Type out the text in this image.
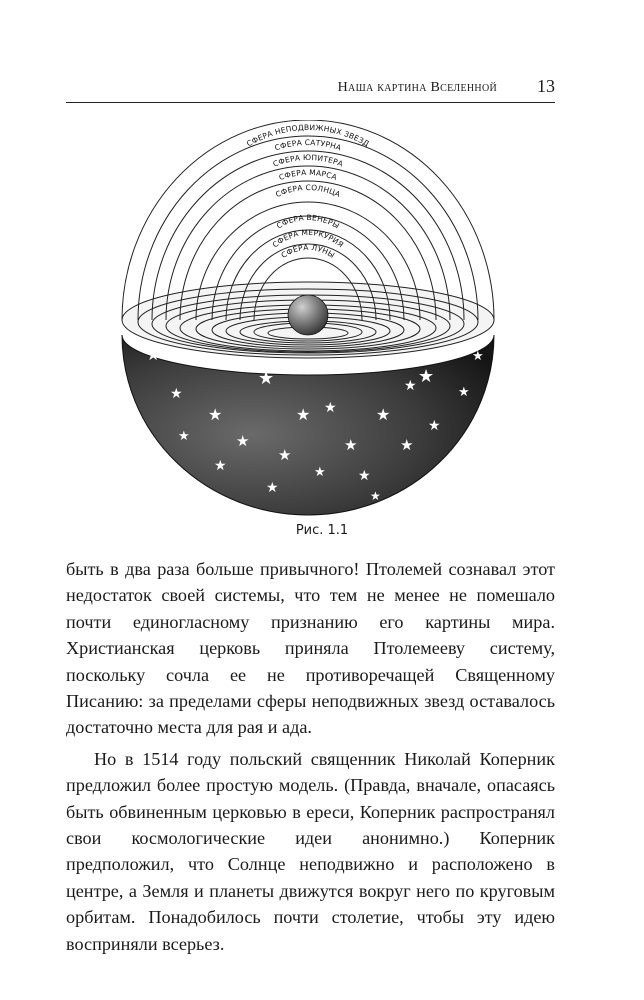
Наша картина Вселенной 13
★
★
★
★
★
★
★
★
★
★
★
★
★
★
★
★ ★
★
★
★
★
★
СФЕРА НЕПОДВИЖНЫХ ЗВЕЗД
СФЕРА САТУРНА
СФЕРА ЮПИТЕРА
СФЕРА МАРСА
СФЕРА СОЛНЦА
СФЕРА ВЕНЕРЫ
СФЕРА МЕРКУРИЯ
СФЕРА ЛУНЫ
Рис. 1.1

быть в два раза больше привычного! Птолемей сознавал этот недостаток своей системы, что тем не менее не помешало почти единогласному признанию его картины мира. Христианская церковь приняла Птолемееву систему, поскольку сочла ее не противоречащей Священному Писанию: за пределами сферы неподвижных звезд оставалось достаточно места для рая и ада.

Но в 1514 году польский священник Николай Коперник предложил более простую модель. (Правда, вначале, опасаясь быть обвиненным церковью в ереси, Коперник распространял свои космологические идеи анонимно.) Коперник предположил, что Солнце неподвижно и расположено в центре, а Земля и планеты движутся вокруг него по круговым орбитам. Понадобилось почти столетие, чтобы эту идею восприняли всерьез.
